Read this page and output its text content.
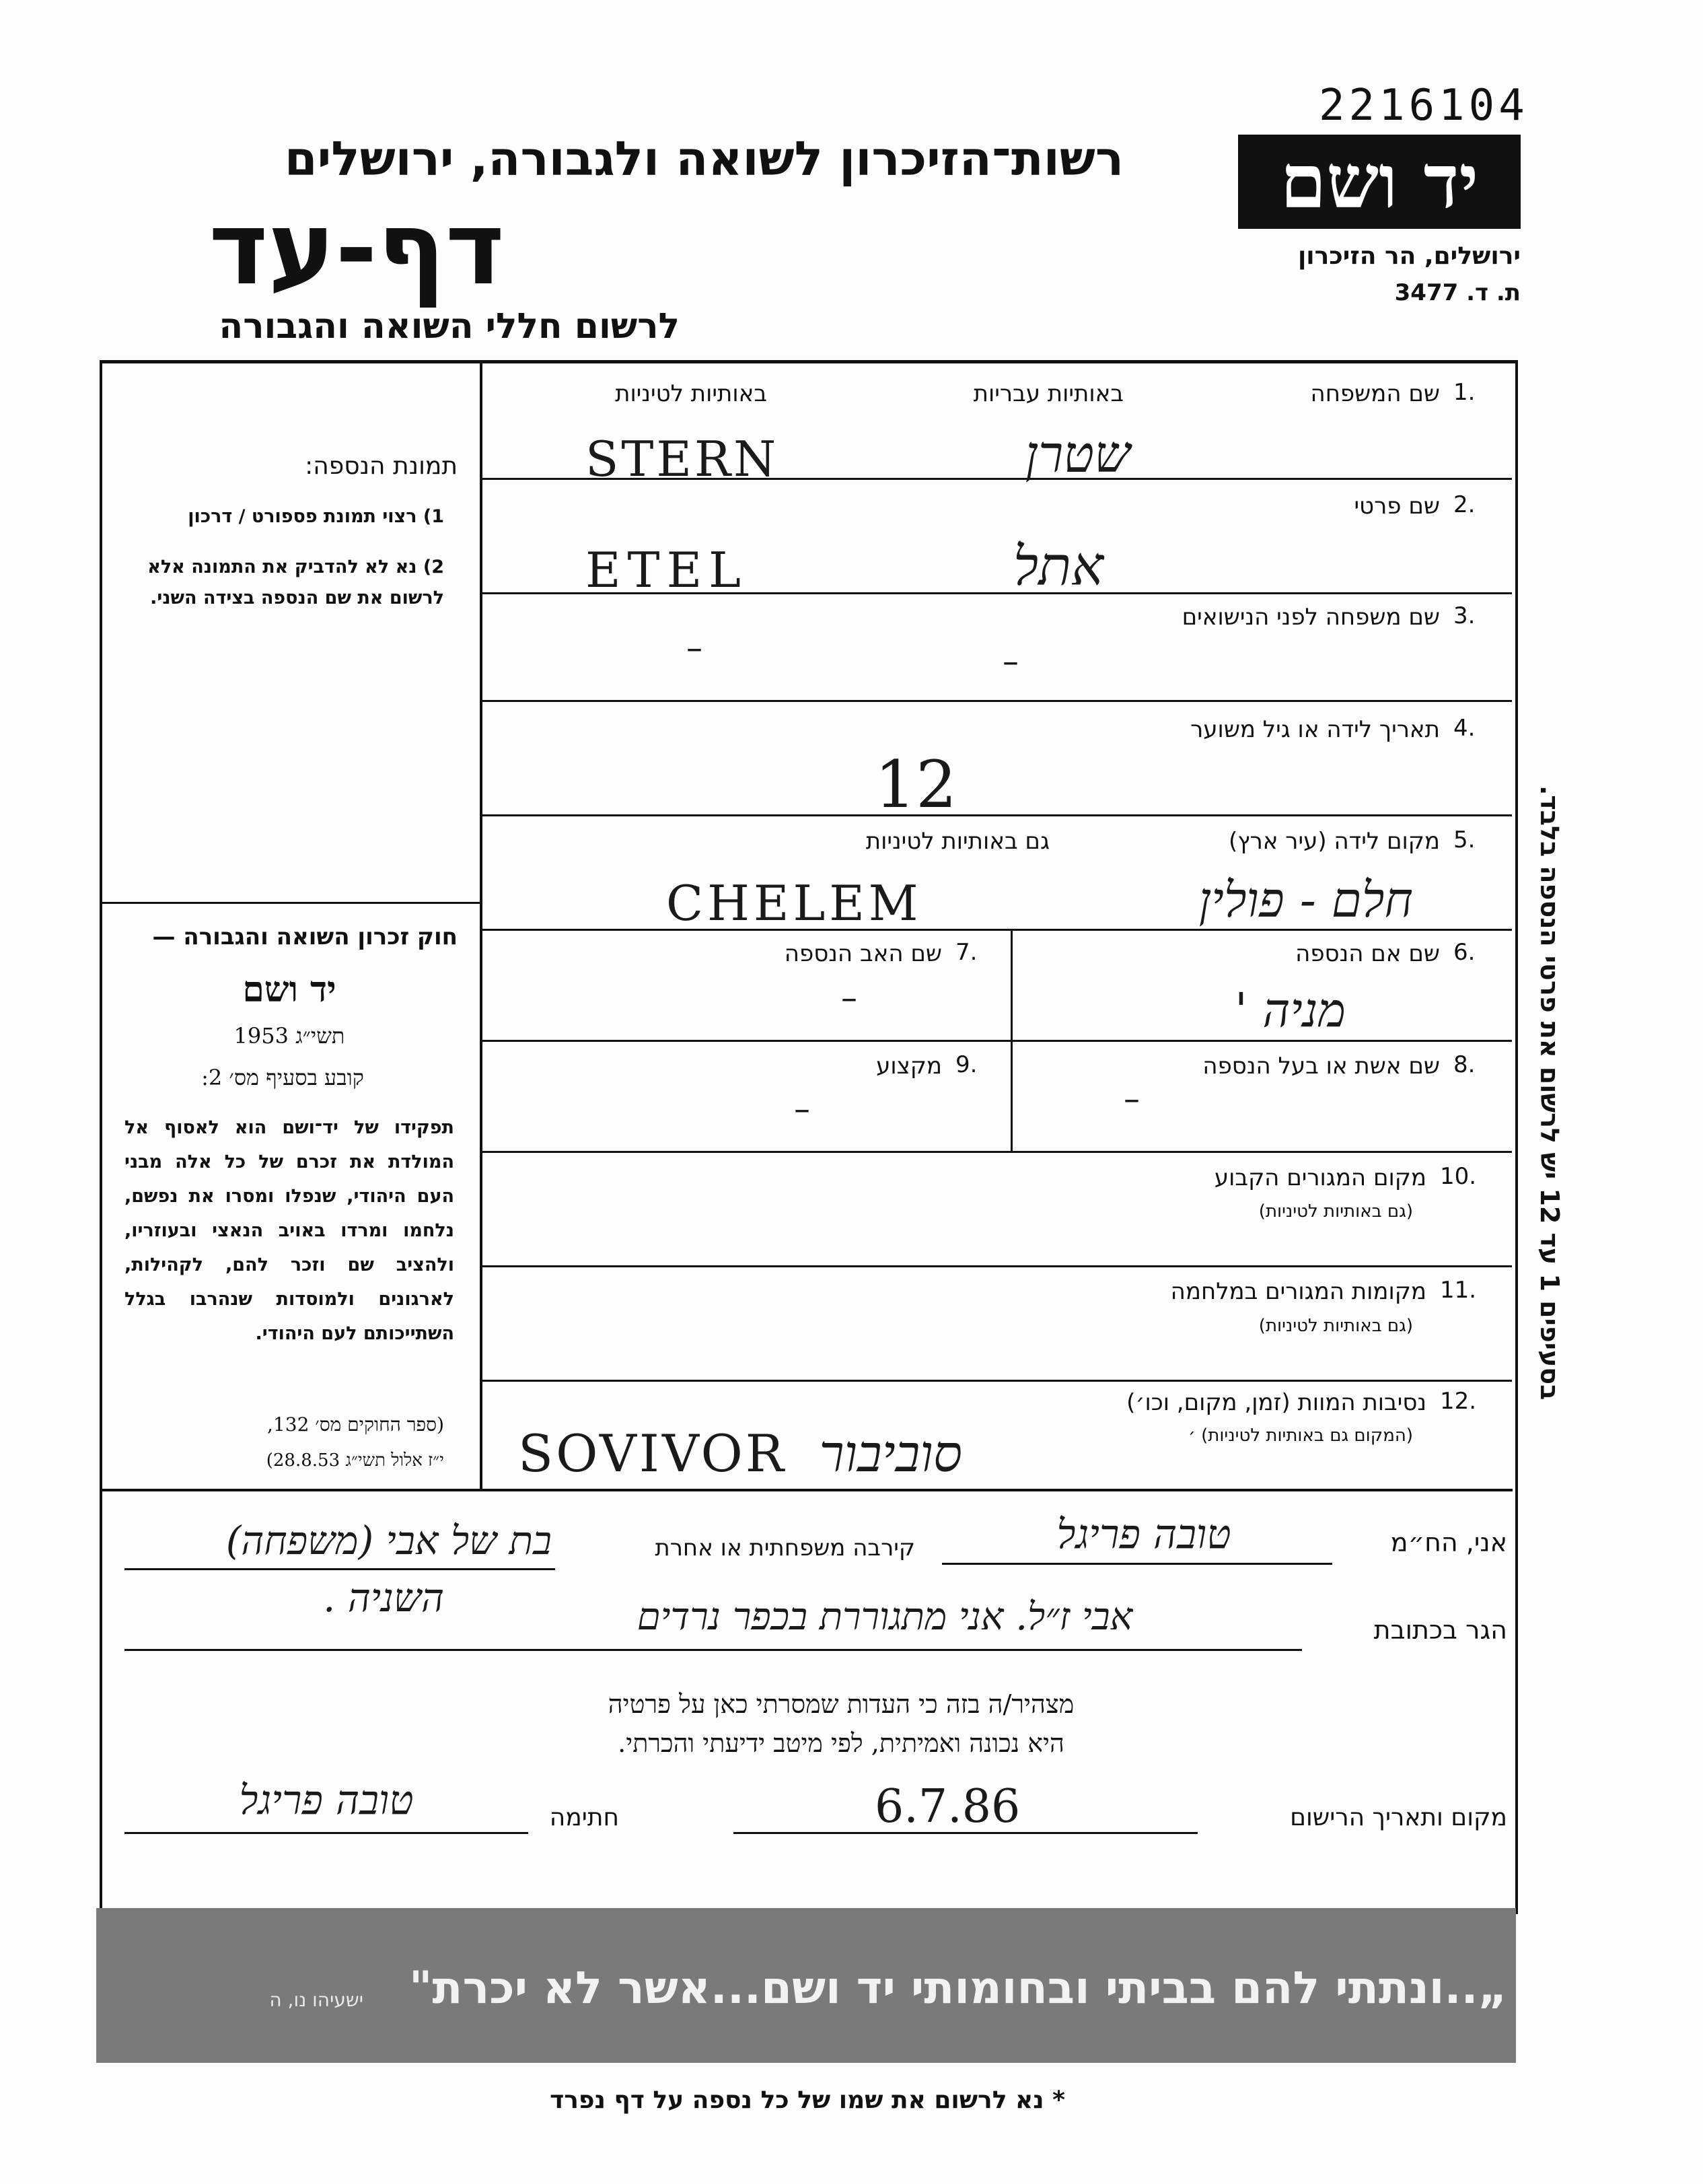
2216104
יד ושם
ירושלים, הר הזיכרון
ת. ד. 3477
רשות־הזיכרון לשואה ולגבורה, ירושלים
דף-עד
לרשום חללי השואה והגבורה
באותיות לטיניות	באותיות עבריות	1.
שם המשפחה
STERN	שטרן
2.
שם פרטי
ETEL	אתל
3.
שם משפחה לפני הנישואים
–	–
4.
תאריך לידה או גיל משוער
12
5.
מקום לידה (עיר ארץ)
גם באותיות לטיניות
CHELEM	חלם - פולין
6.
שם אם הנספה
מניה '
7.
שם האב הנספה
–
8.
שם אשת או בעל הנספה
–
9.
מקצוע
–
10.
מקום המגורים הקבוע
(גם באותיות לטיניות)
11.
מקומות המגורים במלחמה
(גם באותיות לטיניות)
12.
נסיבות המוות (זמן, מקום, וכו׳)
(המקום גם באותיות לטיניות) ׳
SOVIVOR סוביבור
תמונת הנספה:
1) רצוי תמונת פספורט / דרכון
2) נא לא להדביק את התמונה אלא לרשום את שם הנספה בצידה השני.
חוק זכרון השואה והגבורה —
יד ושם
תשי״ג 1953
קובע בסעיף מס׳ 2:
תפקידו של יד־ושם הוא לאסוף אל המולדת את זכרם של כל אלה מבני העם היהודי, שנפלו ומסרו את נפשם, נלחמו ומרדו באויב הנאצי ובעוזריו, ולהציב שם וזכר להם, לקהילות, לארגונים ולמוסדות שנהרבו בגלל השתייכותם לעם היהודי.
(ספר החוקים מס׳ 132,
י״ז אלול תשי״ג 28.8.53)
בסעיפים 1 עד 12 יש לרשום את פרטי הנספה בלבד.
אני, הח״מ
טובה פריגל
קירבה משפחתית או אחרת
בת של אבי (משפחה)
השניה .
הגר בכתובת
אבי ז״ל. אני מתגוררת בכפר נרדים
מצהיר/ה בזה כי העדות שמסרתי כאן על פרטיה
היא נכונה ואמיתית, לפי מיטב ידיעתי והכרתי.
מקום ותאריך הרישום
6.7.86
חתימה
טובה פריגל
„..ונתתי להם בביתי ובחומותי יד ושם...אשר לא יכרת"
ישעיהו נו, ה
* נא לרשום את שמו של כל נספה על דף נפרד
